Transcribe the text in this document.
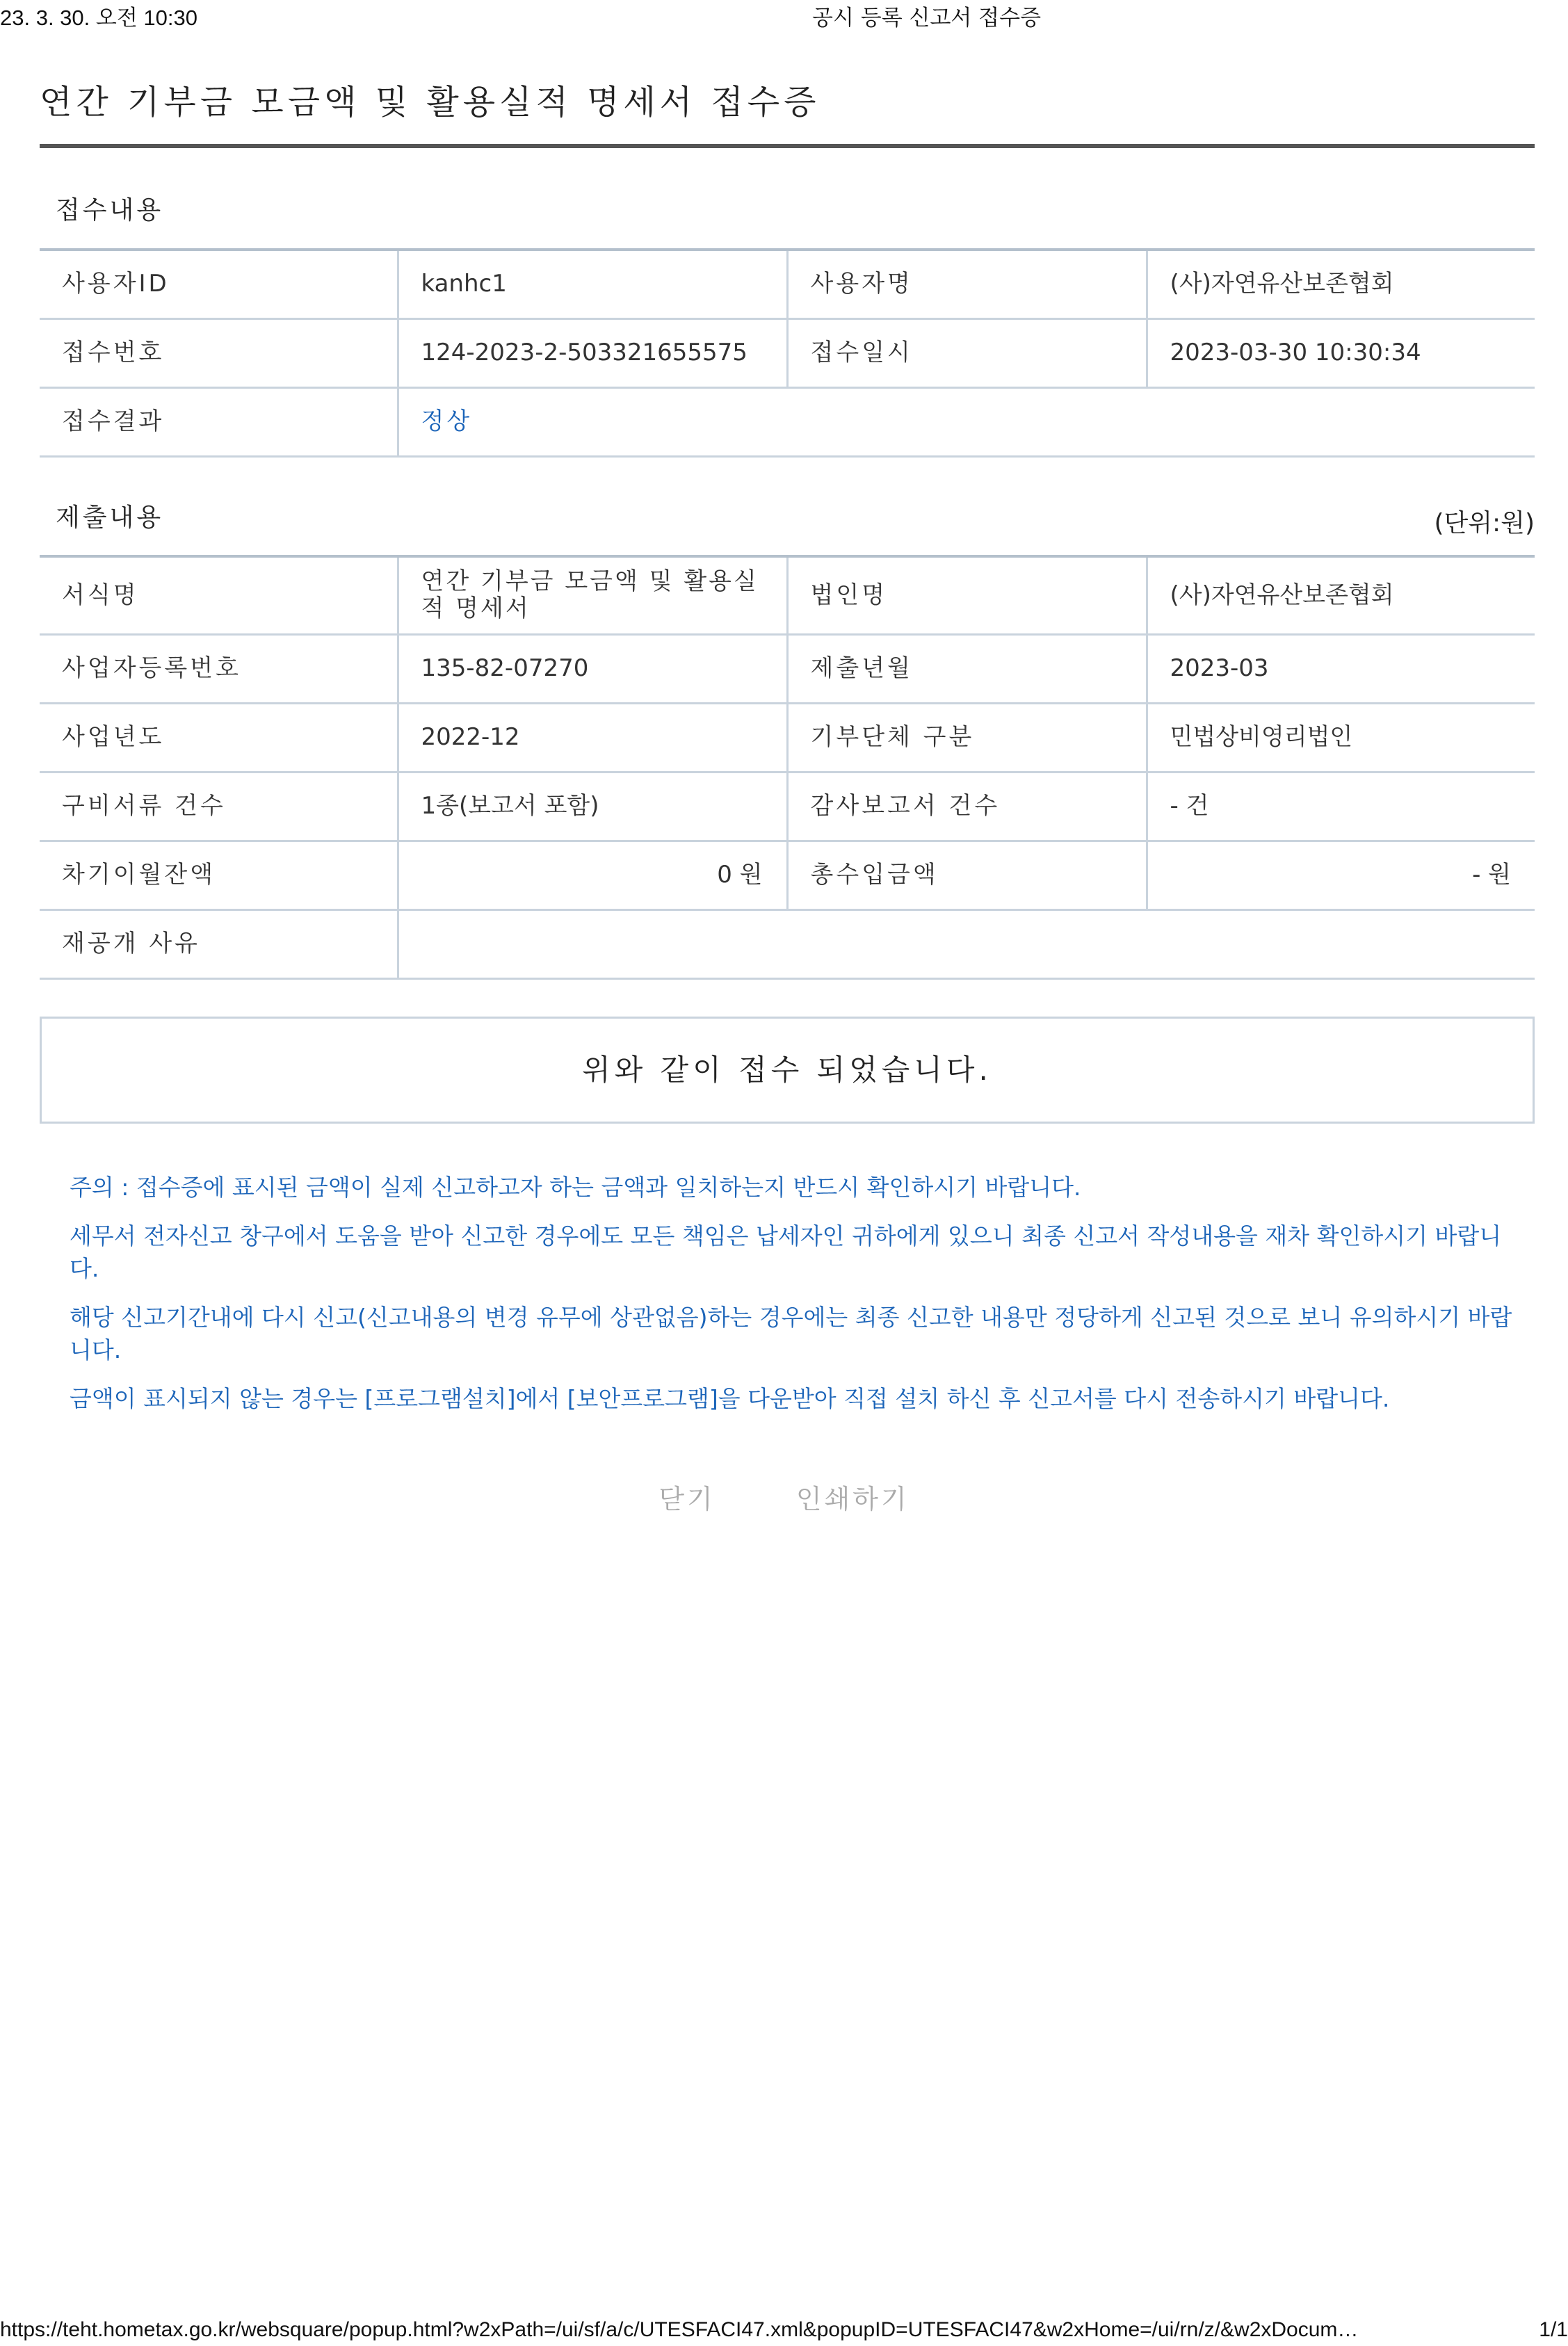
23. 3. 30. 오전 10:30	공시 등록 신고서 접수증
연간 기부금 모금액 및 활용실적 명세서 접수증
접수내용
사용자ID	kanhc1	사용자명	(사)자연유산보존협회
접수번호	124-2023-2-503321655575	접수일시	2023-03-30 10:30:34
접수결과	정상		
제출내용	(단위:원)
서식명	연간 기부금 모금액 및 활용실적 명세서	법인명	(사)자연유산보존협회
사업자등록번호	135-82-07270	제출년월	2023-03
사업년도	2022-12	기부단체 구분	민법상비영리법인
구비서류 건수	1종(보고서 포함)	감사보고서 건수	- 건
차기이월잔액	0 원	총수입금액	- 원
재공개 사유			
위와 같이 접수 되었습니다.

주의 : 접수증에 표시된 금액이 실제 신고하고자 하는 금액과 일치하는지 반드시 확인하시기 바랍니다.

세무서 전자신고 창구에서 도움을 받아 신고한 경우에도 모든 책임은 납세자인 귀하에게 있으니 최종 신고서 작성내용을 재차 확인하시기 바랍니다.

해당 신고기간내에 다시 신고(신고내용의 변경 유무에 상관없음)하는 경우에는 최종 신고한 내용만 정당하게 신고된 것으로 보니 유의하시기 바랍니다.

금액이 표시되지 않는 경우는 [프로그램설치]에서 [보안프로그램]을 다운받아 직접 설치 하신 후 신고서를 다시 전송하시기 바랍니다.

닫기	인쇄하기
https://teht.hometax.go.kr/websquare/popup.html?w2xPath=/ui/sf/a/c/UTESFACI47.xml&popupID=UTESFACI47&w2xHome=/ui/rn/z/&w2xDocum…	1/1
